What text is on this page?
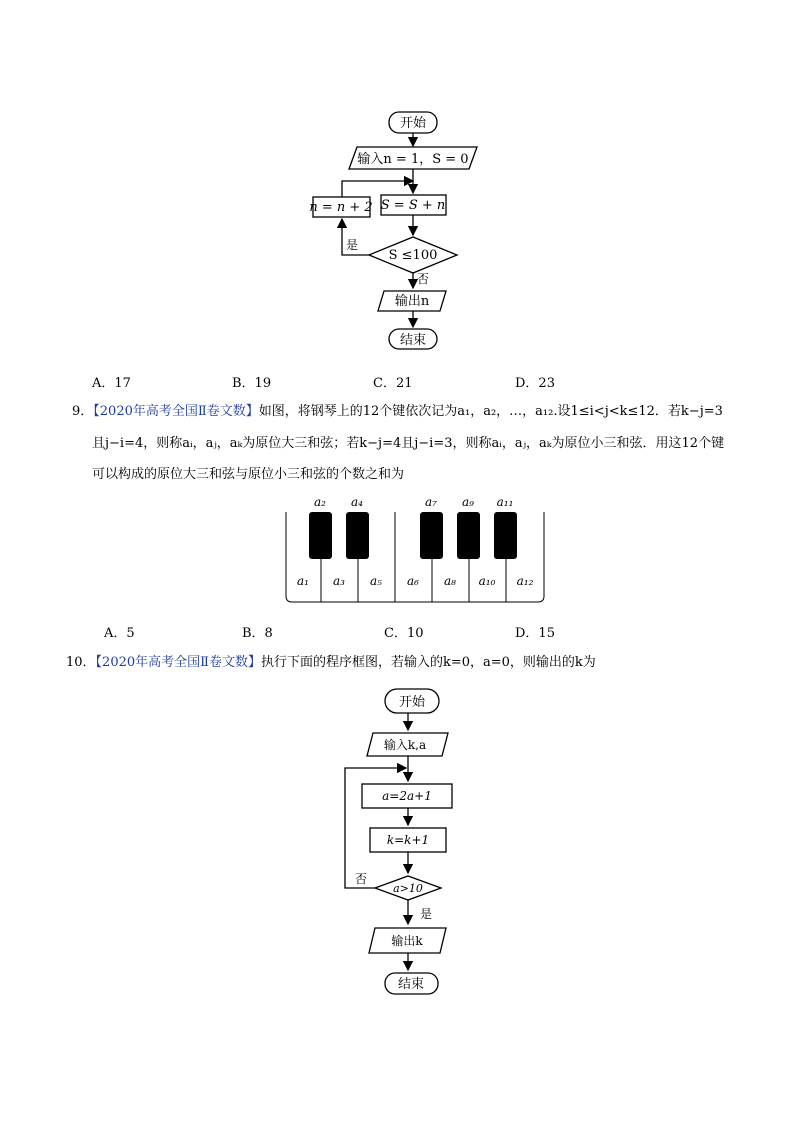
开始
输入n = 1，S = 0
S = S + n
n = n + 2
S ≤100
是
否
输出n
结束
A．17	B．19	C．21	D．23
9．【2020年高考全国Ⅱ卷文数】如图，将钢琴上的12个键依次记为a₁，a₂，…，a₁₂.设1≤i<j<k≤12．若k−j=3
且j−i=4，则称aᵢ，aⱼ，aₖ为原位大三和弦；若k−j=4且j−i=3，则称aᵢ，aⱼ，aₖ为原位小三和弦．用这12个键
可以构成的原位大三和弦与原位小三和弦的个数之和为
a₂ a₄	a₇ a₉ a₁₁
a₁ a₃ a₅ a₆ a₈ a₁₀ a₁₂
A．5	B．8	C．10	D．15
10．【2020年高考全国Ⅱ卷文数】执行下面的程序框图，若输入的k=0，a=0，则输出的k为
开始
输入k,a
a=2a+1
k=k+1
a>10
否
是
输出k
结束
